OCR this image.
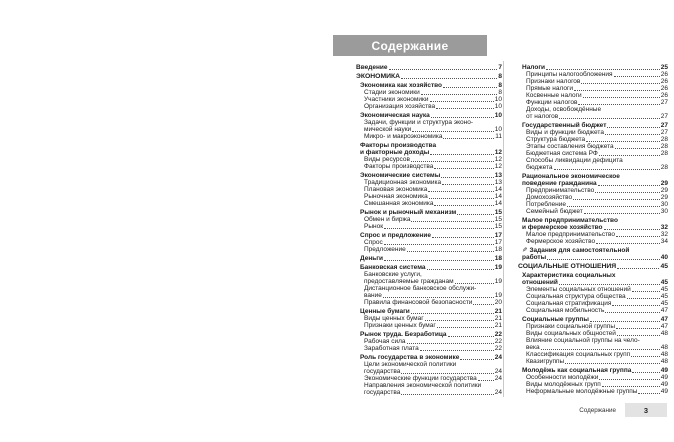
Содержание
Введение	7
ЭКОНОМИКА	8
Экономика как хозяйство	8
Стадии экономики	8
Участники экономики	10
Организация хозяйства	10
Экономическая наука	10
Задачи, функции и структура эконо-
мической науки	10
Микро- и макроэкономика	11
Факторы производства
и факторные доходы	12
Виды ресурсов	12
Факторы производства	12
Экономические системы	13
Традиционная экономика	13
Плановая экономика	14
Рыночная экономика	14
Смешанная экономика	14
Рынок и рыночный механизм	15
Обмен и биржа	15
Рынок	15
Спрос и предложение	17
Спрос	17
Предложение	18
Деньги	18
Банковская система	19
Банковские услуги,
предоставляемые гражданам	19
Дистанционное банковское обслужи-
вание	19
Правила финансовой безопасности	20
Ценные бумаги	21
Виды ценных бумаг	21
Признаки ценных бумаг	21
Рынок труда. Безработица	22
Рабочая сила	22
Заработная плата	22
Роль государства в экономике	24
Цели экономической политики
государства	24
Экономические функции государства	24
Направления экономической политики
государства	24
Налоги	25
Принципы налогообложения	26
Признаки налогов	26
Прямые налоги	26
Косвенные налоги	26
Функции налогов	27
Доходы, освобождённые
от налогов	27
Государственный бюджет	27
Виды и функции бюджета	27
Структура бюджета	28
Этапы составления бюджета	28
Бюджетная система РФ	28
Способы ликвидации дефицита
бюджета	28
Рациональное экономическое
поведение гражданина	29
Предпринимательство	29
Домохозяйство	29
Потребление	30
Семейный бюджет	30
Малое предпринимательство
и фермерское хозяйство	32
Малое предпринимательство	32
Фермерское хозяйство	34
✎ Задания для самостоятельной
работы	40
СОЦИАЛЬНЫЕ ОТНОШЕНИЯ	45
Характеристика социальных
отношений	45
Элементы социальных отношений	45
Социальная структура общества	45
Социальная стратификация	45
Социальная мобильность	47
Социальные группы	47
Признаки социальной группы	47
Виды социальных общностей	48
Влияние социальной группы на чело-
века	48
Классификация социальных групп	48
Квазигруппы	48
Молодёжь как социальная группа	49
Особенности молодёжи	49
Виды молодёжных групп	49
Неформальные молодёжные группы	49
Содержание	3
